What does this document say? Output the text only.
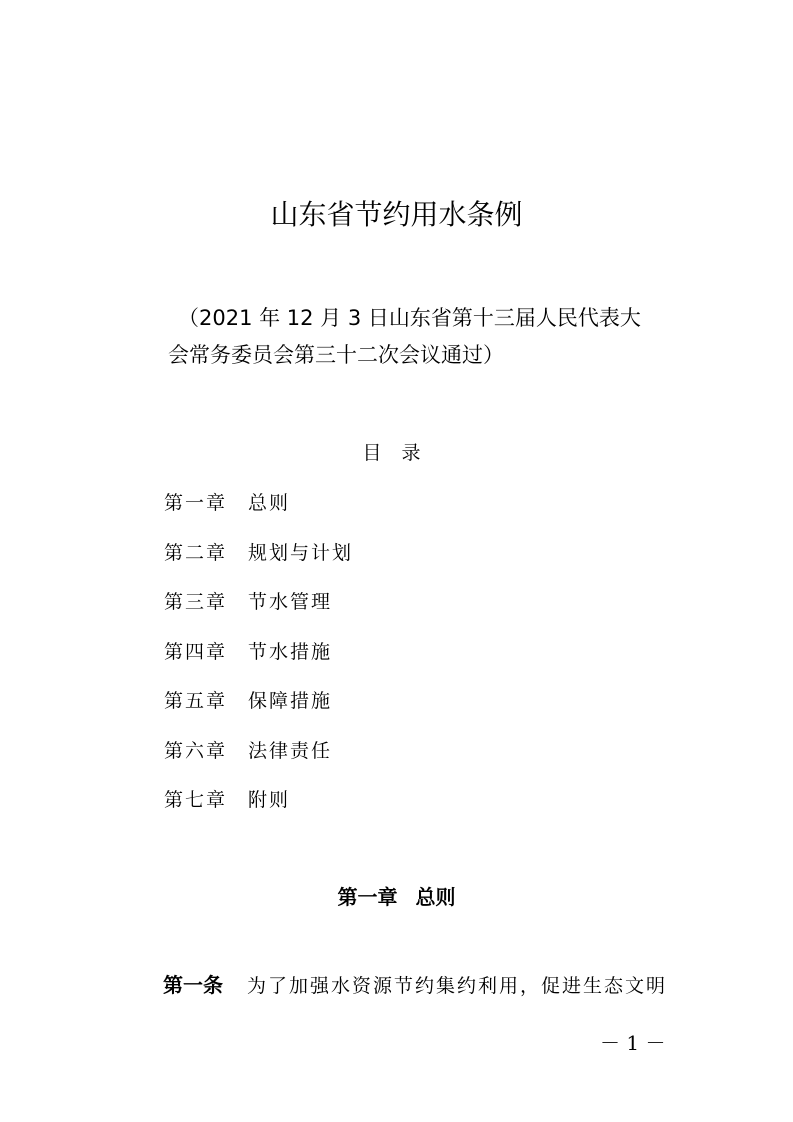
山东省节约用水条例
（2021 年 12 月 3 日山东省第十三届人民代表大
会常务委员会第三十二次会议通过）
目录
第一章 总则
第二章 规划与计划
第三章 节水管理
第四章 节水措施
第五章 保障措施
第六章 法律责任
第七章 附则
第一章 总则
第一条 为了加强水资源节约集约利用，促进生态文明
－ 1 －
